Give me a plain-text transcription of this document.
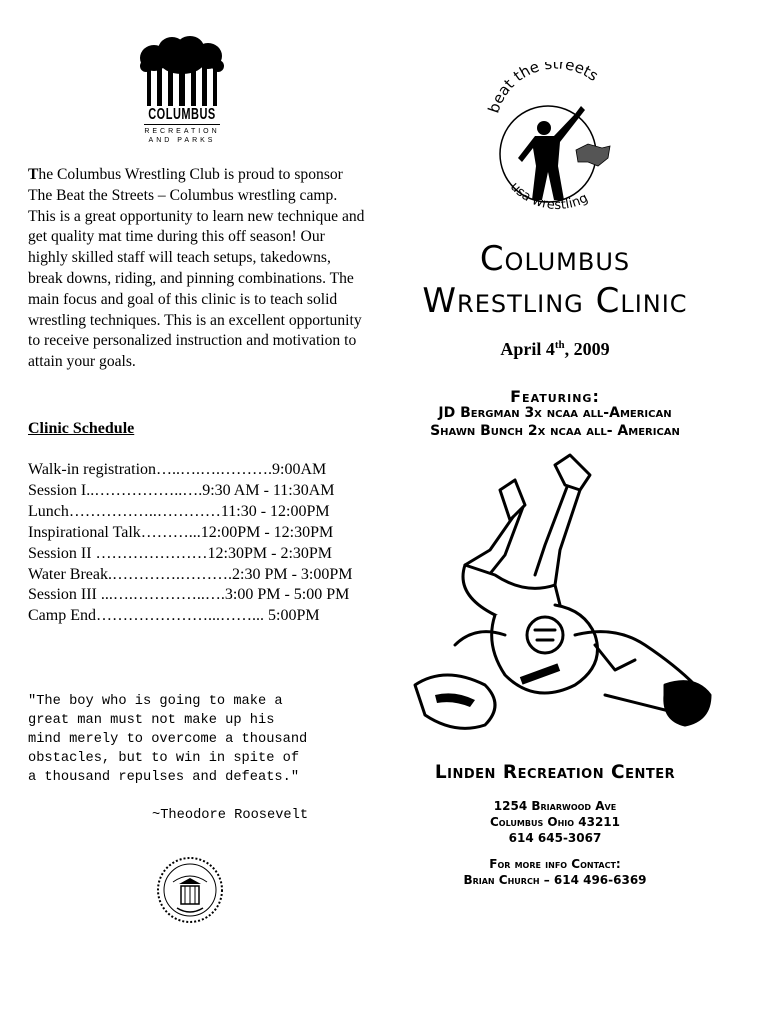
COLUMBUS
RECREATION
AND PARKS
The Columbus Wrestling Club is proud to sponsor The Beat the Streets – Columbus wrestling camp. This is a great opportunity to learn new technique and get quality mat time during this off season! Our highly skilled staff will teach setups, takedowns, break downs, riding, and pinning combinations. The main focus and goal of this clinic is to teach solid wrestling techniques. This is an excellent opportunity to receive personalized instruction and motivation to attain your goals.
Clinic Schedule
Walk-in registration…..….….……….9:00AM
Session I..……………..….9:30 AM - 11:30AM
Lunch……………..…………11:30 - 12:00PM
Inspirational Talk………...12:00PM - 12:30PM
Session II …………………12:30PM - 2:30PM
Water Break.………….……….2:30 PM - 3:00PM
Session III ...….…………..….3:00 PM - 5:00 PM
Camp End…………………...……... 5:00PM
"The boy who is going to make a
great man must not make up his
mind merely to overcome a thousand
obstacles, but to win in spite of
a thousand repulses and defeats."
~Theodore Roosevelt
beat the streets
usa wrestling
Columbus
Wrestling Clinic
April 4th, 2009
Featuring:
JD Bergman 3x ncaa all-American
Shawn Bunch 2x ncaa all- American
Linden Recreation Center
1254 Briarwood Ave
Columbus Ohio 43211
614 645-3067
For more info Contact:
Brian Church – 614 496-6369
